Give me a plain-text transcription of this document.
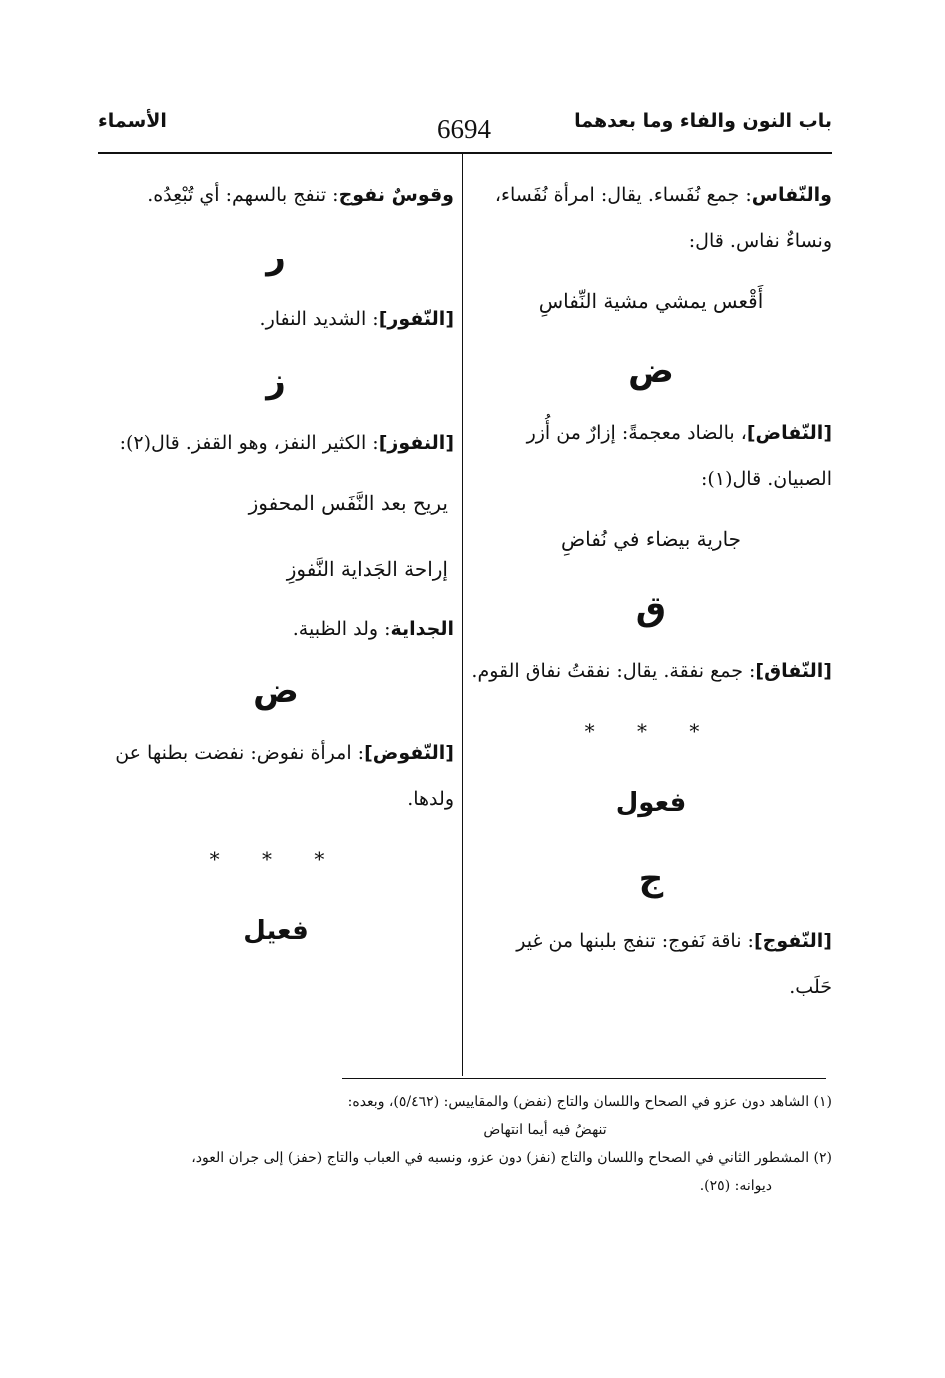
باب النون والفاء وما بعدهما
6694
الأسماء

والنّفاس: جمع نُفَساء. يقال: امرأة نُفَساء، ونساءٌ نفاس. قال:

أَقْعس يمشي مشية النِّفاسِ
ض

[النّفاض]، بالضاد معجمةً: إزارٌ من أُزر الصبيان. قال(١):

جارية بيضاء في نُفاضِ
ق

[النّفاق]: جمع نفقة. يقال: نفقتُ نفاق القوم.

* * *
فعول
ج

[النّفوج]: ناقة نَفوج: تنفج بلبنها من غير حَلَب.

وقوسٌ نفوج: تنفج بالسهم: أي تُبْعِدُه.

ر

[النّفور]: الشديد النفار.

ز

[النفوز]: الكثير النفز، وهو القفز. قال(٢):

يريح بعد النَّفَس المحفوز
إراحة الجَداية النَّفوزِ

الجداية: ولد الظبية.

ض

[النّفوض]: امرأة نفوض: نفضت بطنها عن ولدها.

* * *
فعيل
(١) الشاهد دون عزو في الصحاح واللسان والتاج (نفض) والمقاييس: (٥/٤٦٢)، وبعده:
تنهضُ فيه أيما انتهاض
(٢) المشطور الثاني في الصحاح واللسان والتاج (نفز) دون عزو، ونسبه في العباب والتاج (حفز) إلى جران العود،
ديوانه: (٢٥).
